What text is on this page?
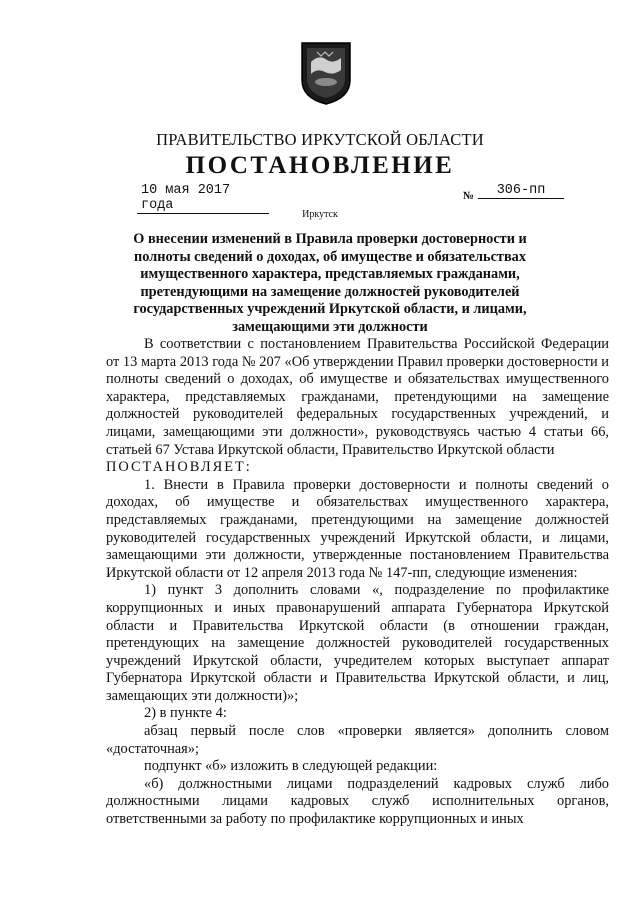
ПРАВИТЕЛЬСТВО ИРКУТСКОЙ ОБЛАСТИ
ПОСТАНОВЛЕНИЕ
10 мая 2017 года
№	306-пп
Иркутск
О внесении изменений в Правила проверки достоверности и полноты сведений о доходах, об имуществе и обязательствах имущественного характера, представляемых гражданами, претендующими на замещение должностей руководителей государственных учреждений Иркутской области, и лицами, замещающими эти должности

В соответствии с постановлением Правительства Российской Федерации от 13 марта 2013 года № 207 «Об утверждении Правил проверки достоверности и полноты сведений о доходах, об имуществе и обязательствах имущественного характера, представляемых гражданами, претендующими на замещение должностей руководителей федеральных государственных учреждений, и лицами, замещающими эти должности», руководствуясь частью 4 статьи 66, статьей 67 Устава Иркутской области, Правительство Иркутской области

ПОСТАНОВЛЯЕТ:

1. Внести в Правила проверки достоверности и полноты сведений о доходах, об имуществе и обязательствах имущественного характера, представляемых гражданами, претендующими на замещение должностей руководителей государственных учреждений Иркутской области, и лицами, замещающими эти должности, утвержденные постановлением Правительства Иркутской области от 12 апреля 2013 года № 147-пп, следующие изменения:

1) пункт 3 дополнить словами «, подразделение по профилактике коррупционных и иных правонарушений аппарата Губернатора Иркутской области и Правительства Иркутской области (в отношении граждан, претендующих на замещение должностей руководителей государственных учреждений Иркутской области, учредителем которых выступает аппарат Губернатора Иркутской области и Правительства Иркутской области, и лиц, замещающих эти должности)»;

2) в пункте 4:

абзац первый после слов «проверки является» дополнить словом «достаточная»;

подпункт «б» изложить в следующей редакции:

«б) должностными лицами подразделений кадровых служб либо должностными лицами кадровых служб исполнительных органов, ответственными за работу по профилактике коррупционных и иных
